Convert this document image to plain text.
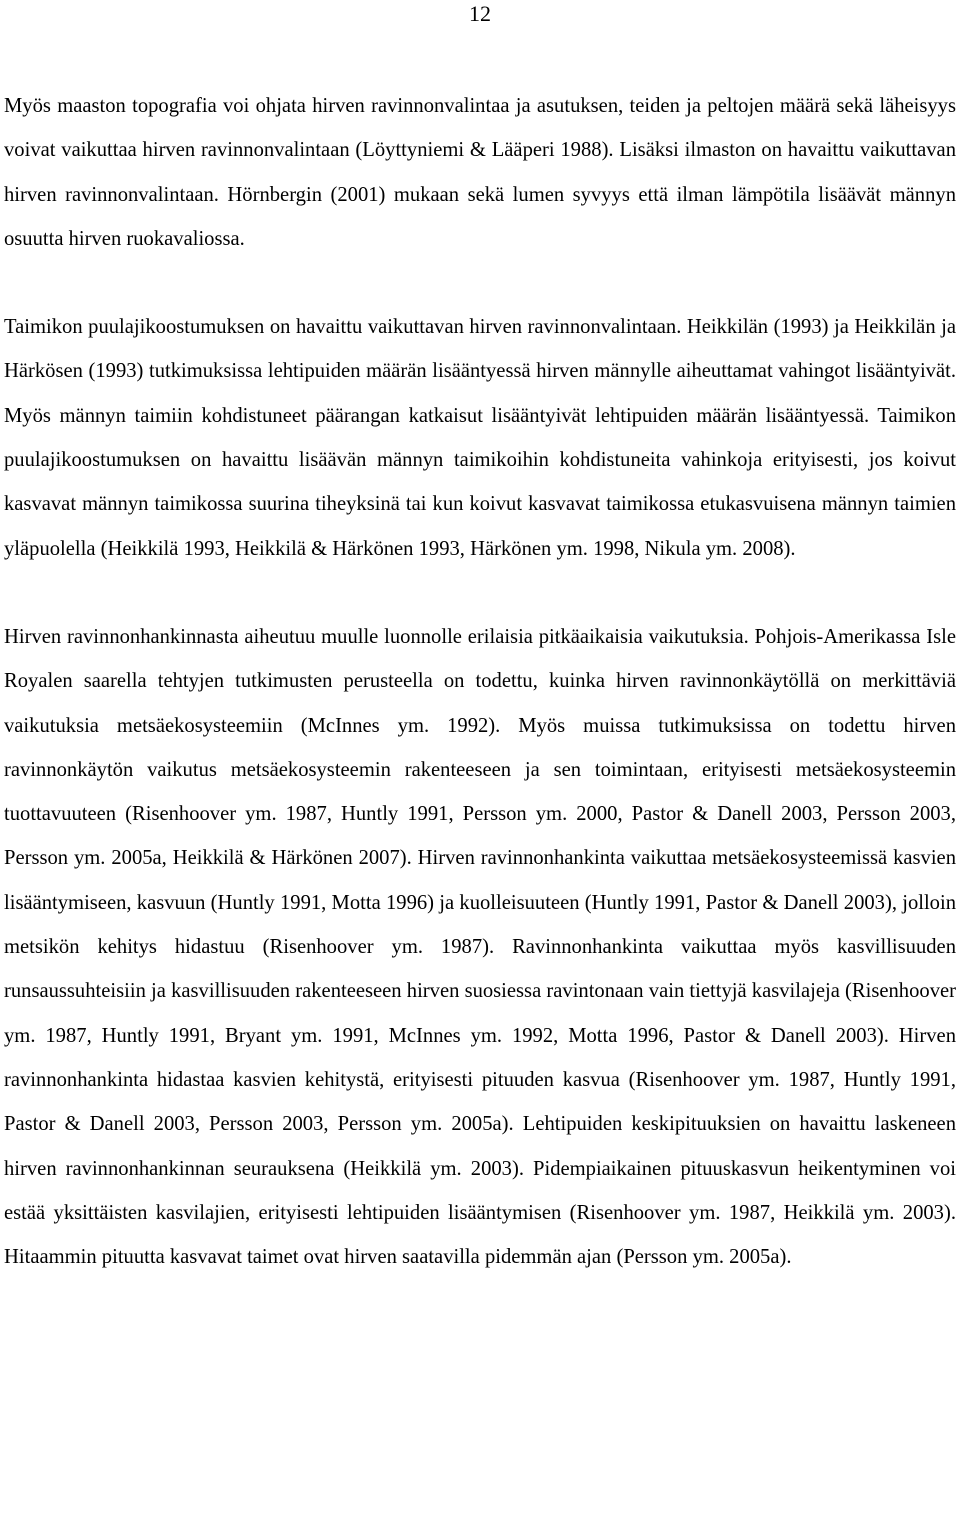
12

Myös maaston topografia voi ohjata hirven ravinnonvalintaa ja asutuksen, teiden ja peltojen määrä sekä läheisyys voivat vaikuttaa hirven ravinnonvalintaan (Löyttyniemi & Lääperi 1988). Lisäksi ilmaston on havaittu vaikuttavan hirven ravinnonvalintaan. Hörnbergin (2001) mukaan sekä lumen syvyys että ilman lämpötila lisäävät männyn osuutta hirven ruokavaliossa.

Taimikon puulajikoostumuksen on havaittu vaikuttavan hirven ravinnonvalintaan. Heikkilän (1993) ja Heikkilän ja Härkösen (1993) tutkimuksissa lehtipuiden määrän lisääntyessä hirven männylle aiheuttamat vahingot lisääntyivät. Myös männyn taimiin kohdistuneet päärangan katkaisut lisääntyivät lehtipuiden määrän lisääntyessä. Taimikon puulajikoostumuksen on havaittu lisäävän männyn taimikoihin kohdistuneita vahinkoja erityisesti, jos koivut kasvavat männyn taimikossa suurina tiheyksinä tai kun koivut kasvavat taimikossa etukasvuisena männyn taimien yläpuolella (Heikkilä 1993, Heikkilä & Härkönen 1993, Härkönen ym. 1998, Nikula ym. 2008).

Hirven ravinnonhankinnasta aiheutuu muulle luonnolle erilaisia pitkäaikaisia vaikutuksia. Pohjois-Amerikassa Isle Royalen saarella tehtyjen tutkimusten perusteella on todettu, kuinka hirven ravinnonkäytöllä on merkittäviä vaikutuksia metsäekosysteemiin (McInnes ym. 1992). Myös muissa tutkimuksissa on todettu hirven ravinnonkäytön vaikutus metsäekosysteemin rakenteeseen ja sen toimintaan, erityisesti metsäekosysteemin tuottavuuteen (Risenhoover ym. 1987, Huntly 1991, Persson ym. 2000, Pastor & Danell 2003, Persson 2003, Persson ym. 2005a, Heikkilä & Härkönen 2007). Hirven ravinnonhankinta vaikuttaa metsäekosysteemissä kasvien lisääntymiseen, kasvuun (Huntly 1991, Motta 1996) ja kuolleisuuteen (Huntly 1991, Pastor & Danell 2003), jolloin metsikön kehitys hidastuu (Risenhoover ym. 1987). Ravinnonhankinta vaikuttaa myös kasvillisuuden runsaussuhteisiin ja kasvillisuuden rakenteeseen hirven suosiessa ravintonaan vain tiettyjä kasvilajeja (Risenhoover ym. 1987, Huntly 1991, Bryant ym. 1991, McInnes ym. 1992, Motta 1996, Pastor & Danell 2003). Hirven ravinnonhankinta hidastaa kasvien kehitystä, erityisesti pituuden kasvua (Risenhoover ym. 1987, Huntly 1991, Pastor & Danell 2003, Persson 2003, Persson ym. 2005a). Lehtipuiden keskipituuksien on havaittu laskeneen hirven ravinnonhankinnan seurauksena (Heikkilä ym. 2003). Pidempiaikainen pituuskasvun heikentyminen voi estää yksittäisten kasvilajien, erityisesti lehtipuiden lisääntymisen (Risenhoover ym. 1987, Heikkilä ym. 2003). Hitaammin pituutta kasvavat taimet ovat hirven saatavilla pidemmän ajan (Persson ym. 2005a).
